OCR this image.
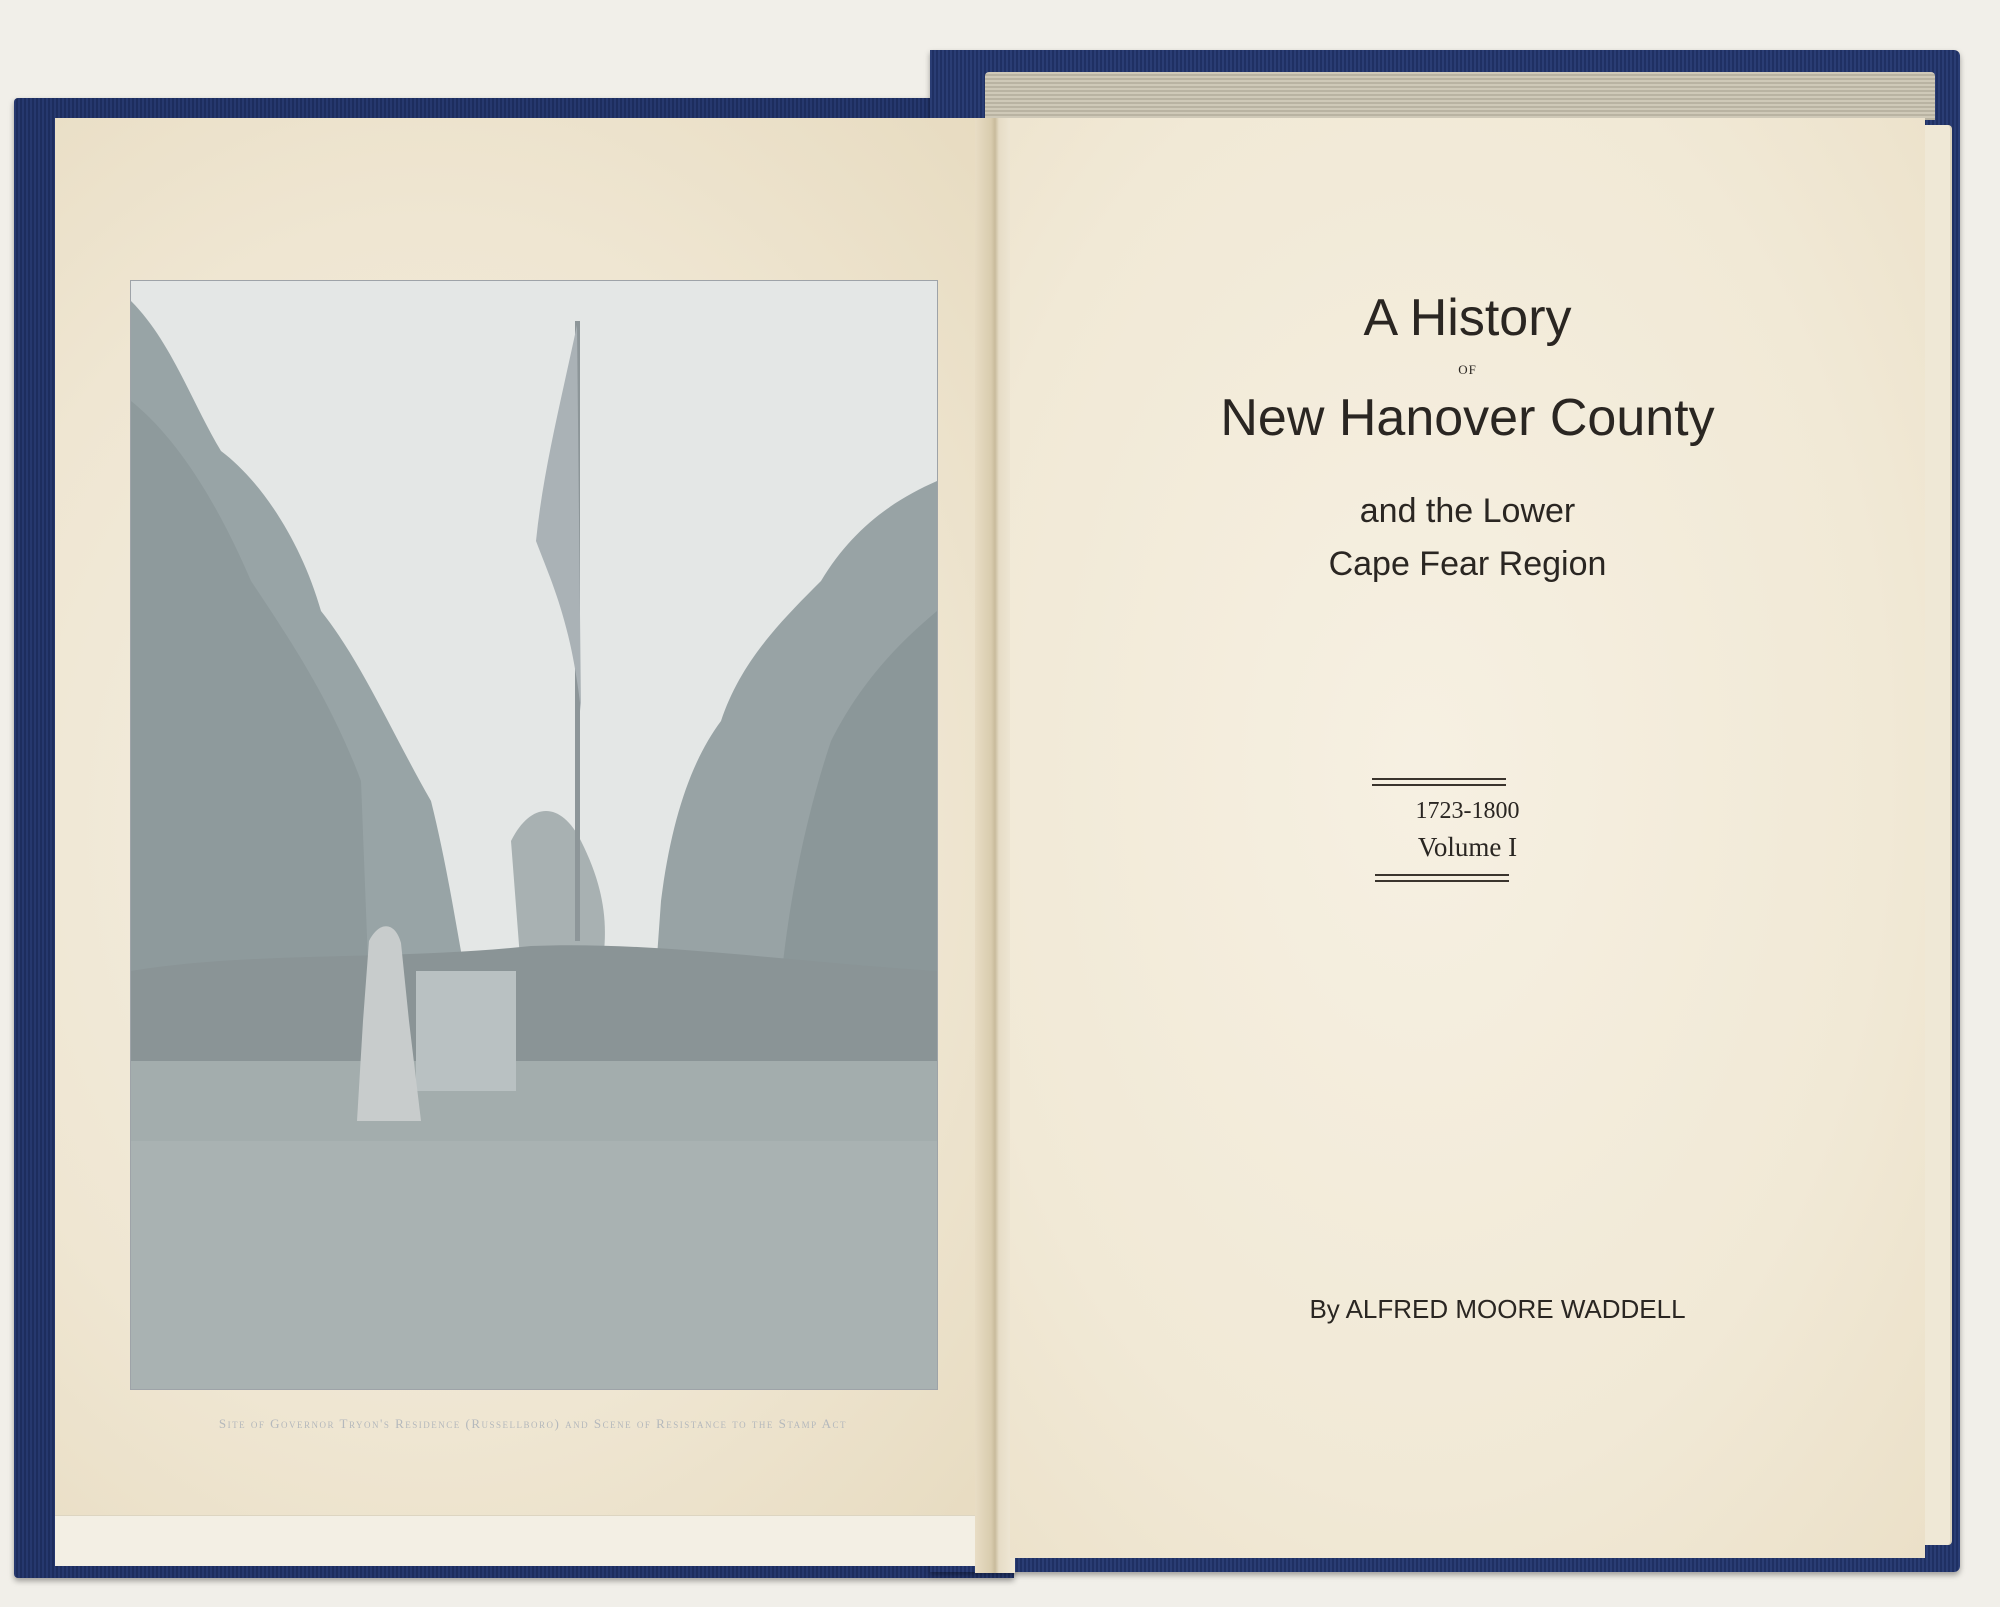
Site of Governor Tryon's Residence (Russellboro) and Scene of Resistance to the Stamp Act
A History
OF
New Hanover County
and the Lower
Cape Fear Region
1723-1800
Volume I
By ALFRED MOORE WADDELL
